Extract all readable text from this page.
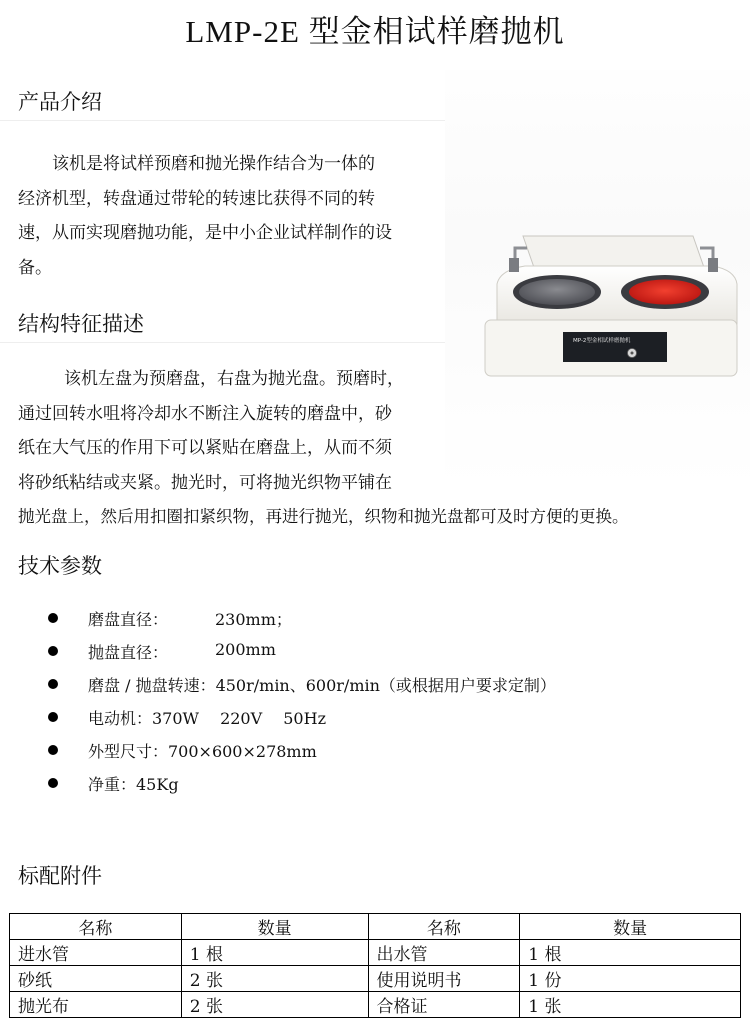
LMP-2E 型金相试样磨抛机
产品介绍

该机是将试样预磨和抛光操作结合为一体的
经济机型，转盘通过带轮的转速比获得不同的转
速，从而实现磨抛功能，是中小企业试样制作的设
备。

MP-2型金相试样磨抛机
结构特征描述

该机左盘为预磨盘，右盘为抛光盘。预磨时，
通过回转水咀将冷却水不断注入旋转的磨盘中，砂
纸在大气压的作用下可以紧贴在磨盘上，从而不须
将砂纸粘结或夹紧。抛光时，可将抛光织物平铺在
抛光盘上，然后用扣圈扣紧织物，再进行抛光，织物和抛光盘都可及时方便的更换。

技术参数
磨盘直径：	230mm；
抛盘直径：	200mm
磨盘 / 抛盘转速：450r/min、600r/min（或根据用户要求定制）
电动机：370W　 220V　 50Hz
外型尺寸：700×600×278mm
净重：45Kg
标配附件
名称	数量	名称	数量
进水管	1 根	出水管	1 根
砂纸	2 张	使用说明书	1 份
抛光布	2 张	合格证	1 张
